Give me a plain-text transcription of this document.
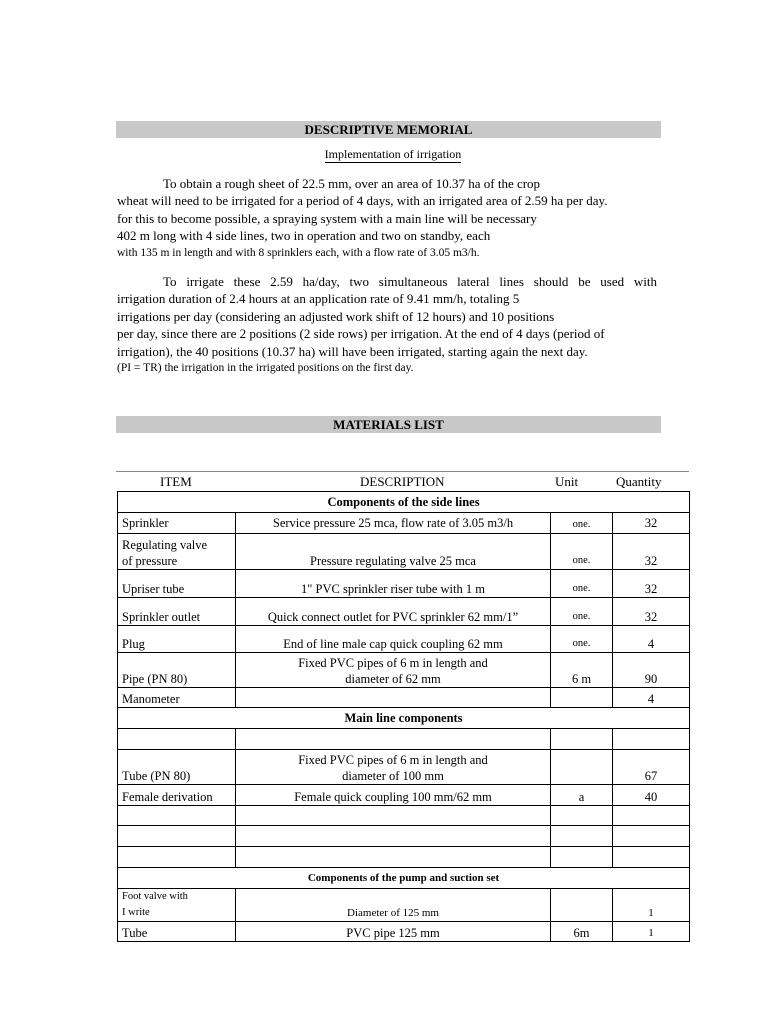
DESCRIPTIVE MEMORIAL
Implementation of irrigation
To obtain a rough sheet of 22.5 mm, over an area of 10.37 ha of the crop
wheat will need to be irrigated for a period of 4 days, with an irrigated area of 2.59 ha per day.
for this to become possible, a spraying system with a main line will be necessary
402 m long with 4 side lines, two in operation and two on standby, each
with 135 m in length and with 8 sprinklers each, with a flow rate of 3.05 m3/h.
To irrigate these 2.59 ha/day, two simultaneous lateral lines should be used with
irrigation duration of 2.4 hours at an application rate of 9.41 mm/h, totaling 5
irrigations per day (considering an adjusted work shift of 12 hours) and 10 positions
per day, since there are 2 positions (2 side rows) per irrigation. At the end of 4 days (period of
irrigation), the 40 positions (10.37 ha) will have been irrigated, starting again the next day.
(PI = TR) the irrigation in the irrigated positions on the first day.
MATERIALS LIST
ITEM	DESCRIPTION	Unit	Quantity
Components of the side lines			
Sprinkler	Service pressure 25 mca, flow rate of 3.05 m3/h	one.	32

Regulating valve
of pressure	Pressure regulating valve 25 mca	one.	32
Upriser tube	1" PVC sprinkler riser tube with 1 m	one.	32
Sprinkler outlet	Quick connect outlet for PVC sprinkler 62 mm/1”	one.	32
Plug	End of line male cap quick coupling 62 mm	one.	4
Pipe (PN 80)	Fixed PVC pipes of 6 m in length and
diameter of 62 mm	6 m	90
Manometer			4
Main line components			

Tube (PN 80)	Fixed PVC pipes of 6 m in length and
diameter of 100 mm		67
Female derivation	Female quick coupling 100 mm/62 mm	a	40

Components of the pump and suction set			

Foot valve with
I write	Diameter of 125 mm		1
Tube	PVC pipe 125 mm	6m	1
